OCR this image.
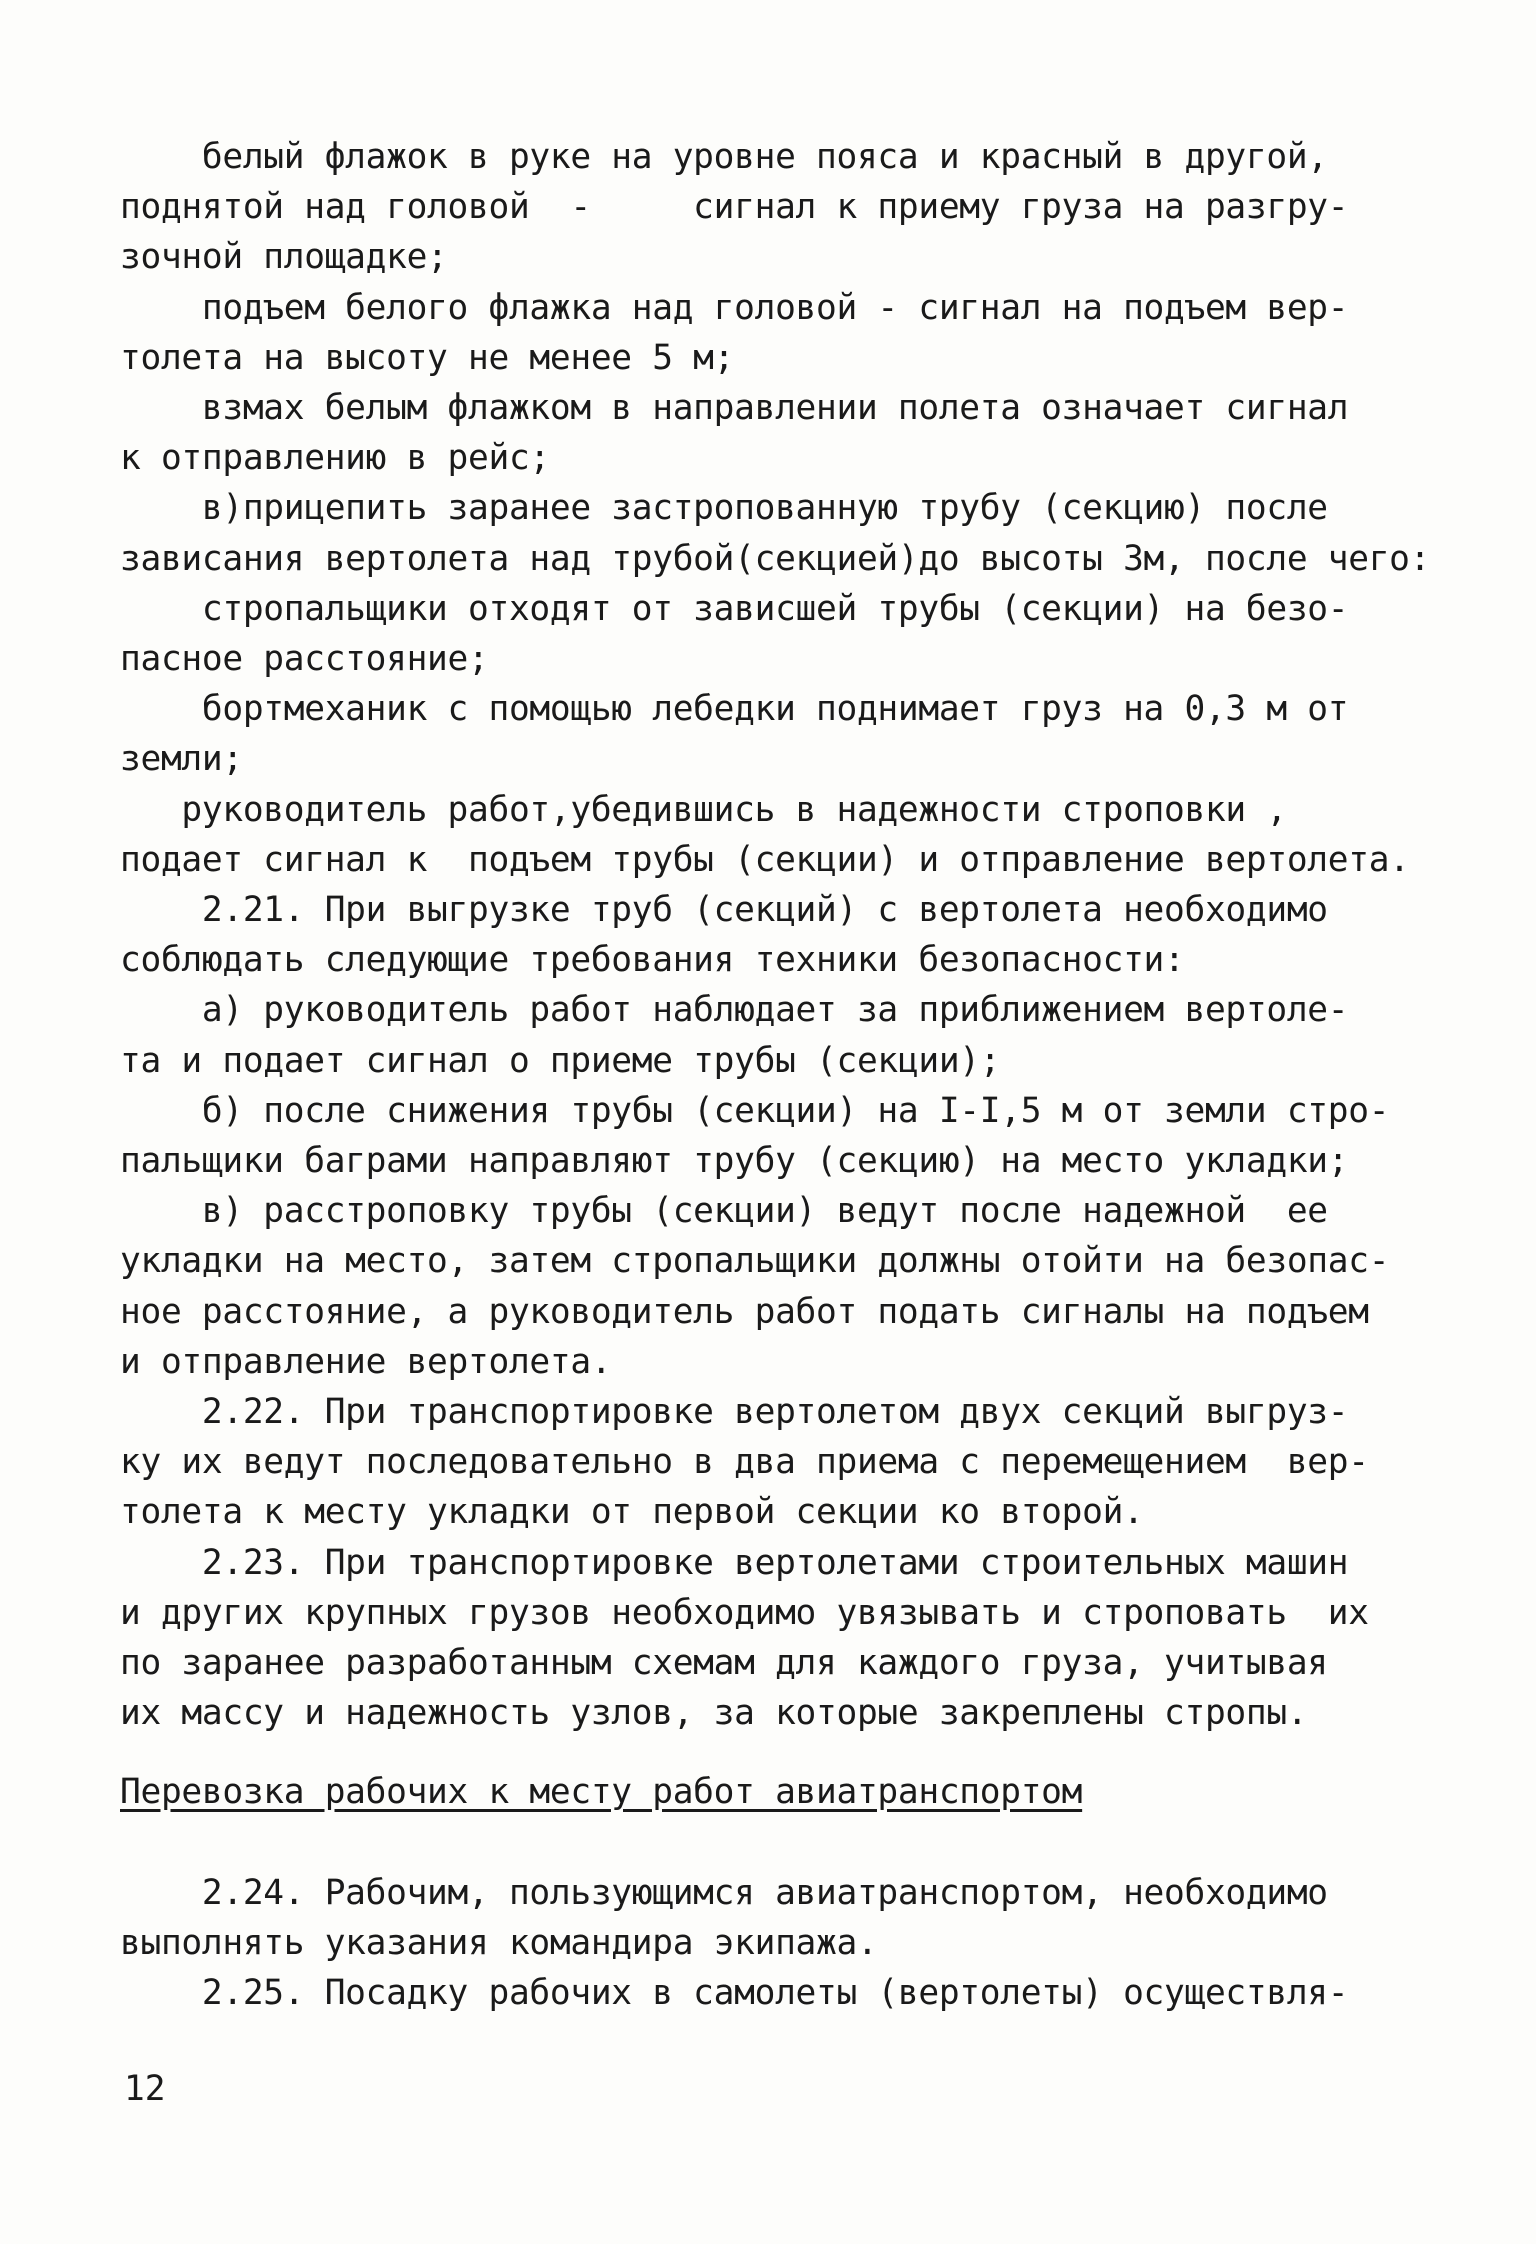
белый флажок в руке на уровне пояса и красный в другой,
поднятой над головой  -     сигнал к приему груза на разгру-
зочной площадке;
подъем белого флажка над головой - сигнал на подъем вер-
толета на высоту не менее 5 м;
взмах белым флажком в направлении полета означает сигнал
к отправлению в рейс;
в)прицепить заранее застропованную трубу (секцию) после
зависания вертолета над трубой(секцией)до высоты 3м, после чего:
стропальщики отходят от зависшей трубы (секции) на безо-
пасное расстояние;
бортмеханик с помощью лебедки поднимает груз на 0,3 м от
земли;
руководитель работ,убедившись в надежности строповки ,
подает сигнал к  подъем трубы (секции) и отправление вертолета.
2.21. При выгрузке труб (секций) с вертолета необходимо
соблюдать следующие требования техники безопасности:
а) руководитель работ наблюдает за приближением вертоле-
та и подает сигнал о приеме трубы (секции);
б) после снижения трубы (секции) на I-I,5 м от земли стро-
пальщики баграми направляют трубу (секцию) на место укладки;
в) расстроповку трубы (секции) ведут после надежной  ее
укладки на место, затем стропальщики должны отойти на безопас-
ное расстояние, а руководитель работ подать сигналы на подъем
и отправление вертолета.
2.22. При транспортировке вертолетом двух секций выгруз-
ку их ведут последовательно в два приема с перемещением  вер-
толета к месту укладки от первой секции ко второй.
2.23. При транспортировке вертолетами строительных машин
и других крупных грузов необходимо увязывать и строповать  их
по заранее разработанным схемам для каждого груза, учитывая
их массу и надежность узлов, за которые закреплены стропы.
Перевозка рабочих к месту работ авиатранспортом
2.24. Рабочим, пользующимся авиатранспортом, необходимо
выполнять указания командира экипажа.
2.25. Посадку рабочих в самолеты (вертолеты) осуществля-
12
